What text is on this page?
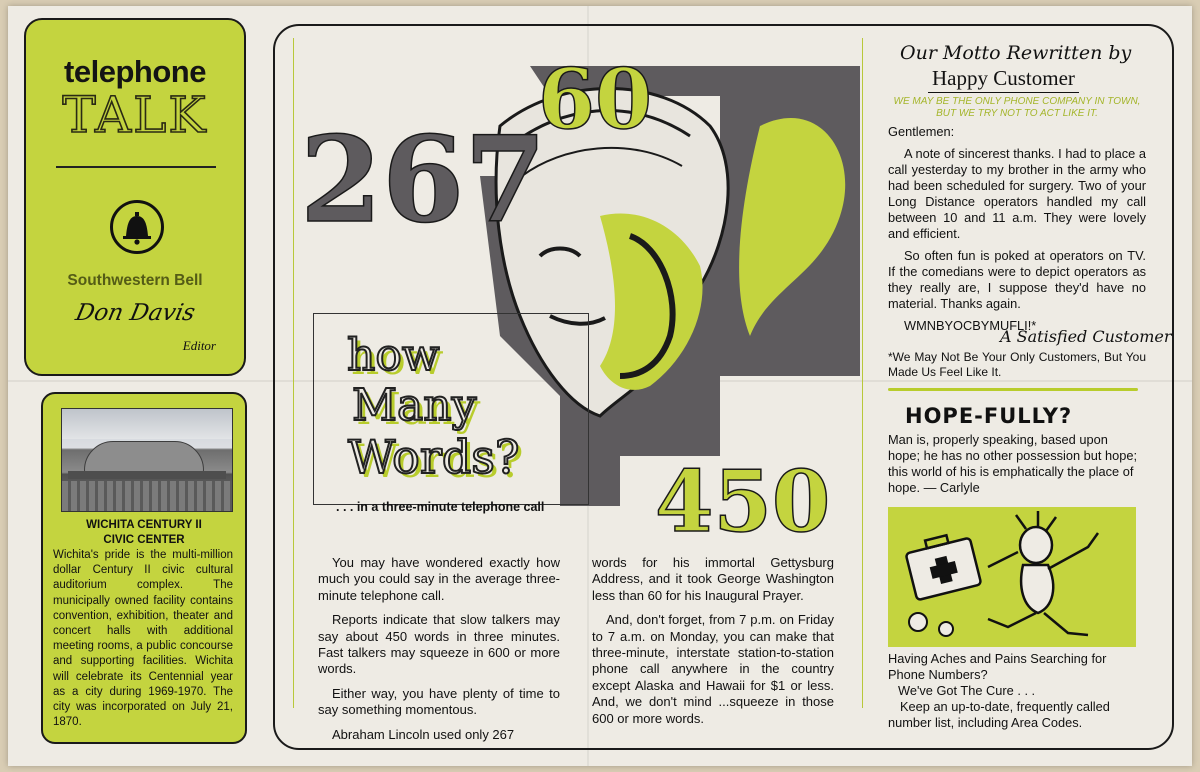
telephone
TALK
Southwestern Bell
Don Davis
Editor
WICHITA CENTURY II
CIVIC CENTER
Wichita's pride is the multi-million dollar Century II civic cultural auditorium complex. The municipally owned facility contains convention, exhibition, theater and concert halls with additional meeting rooms, a public concourse and supporting facilities. Wichita will celebrate its Centennial year as a city during 1969-1970. The city was incorporated on July 21, 1870.
267
60
450
how
Many
Words?
. . . in a three-minute telephone call

You may have wondered exactly how much you could say in the average three-minute telephone call.

Reports indicate that slow talkers may say about 450 words in three minutes. Fast talkers may squeeze in 600 or more words.

Either way, you have plenty of time to say something momentous.

Abraham Lincoln used only 267

words for his immortal Gettysburg Address, and it took George Washington less than 60 for his Inaugural Prayer.

And, don't forget, from 7 p.m. on Friday to 7 a.m. on Monday, you can make that three-minute, interstate station-to-station phone call anywhere in the country except Alaska and Hawaii for $1 or less. And, we don't mind ...squeeze in those 600 or more words.

Our Motto Rewritten by
Happy Customer
WE MAY BE THE ONLY PHONE COMPANY IN TOWN, BUT WE TRY NOT TO ACT LIKE IT.

Gentlemen:

A note of sincerest thanks. I had to place a call yesterday to my brother in the army who had been scheduled for surgery. Two of your Long Distance operators handled my call between 10 and 11 a.m. They were lovely and efficient.

So often fun is poked at operators on TV. If the comedians were to depict operators as they really are, I suppose they'd have no material. Thanks again.

WMNBYOCBYMUFLI!*

A Satisfied Customer
*We May Not Be Your Only Customers, But You Made Us Feel Like It.
HOPE-FULLY?
Man is, properly speaking, based upon hope; he has no other possession but hope; this world of his is emphatically the place of hope. — Carlyle
Having Aches and Pains Searching for Phone Numbers?
We've Got The Cure . . .
Keep an up-to-date, frequently called number list, including Area Codes.
